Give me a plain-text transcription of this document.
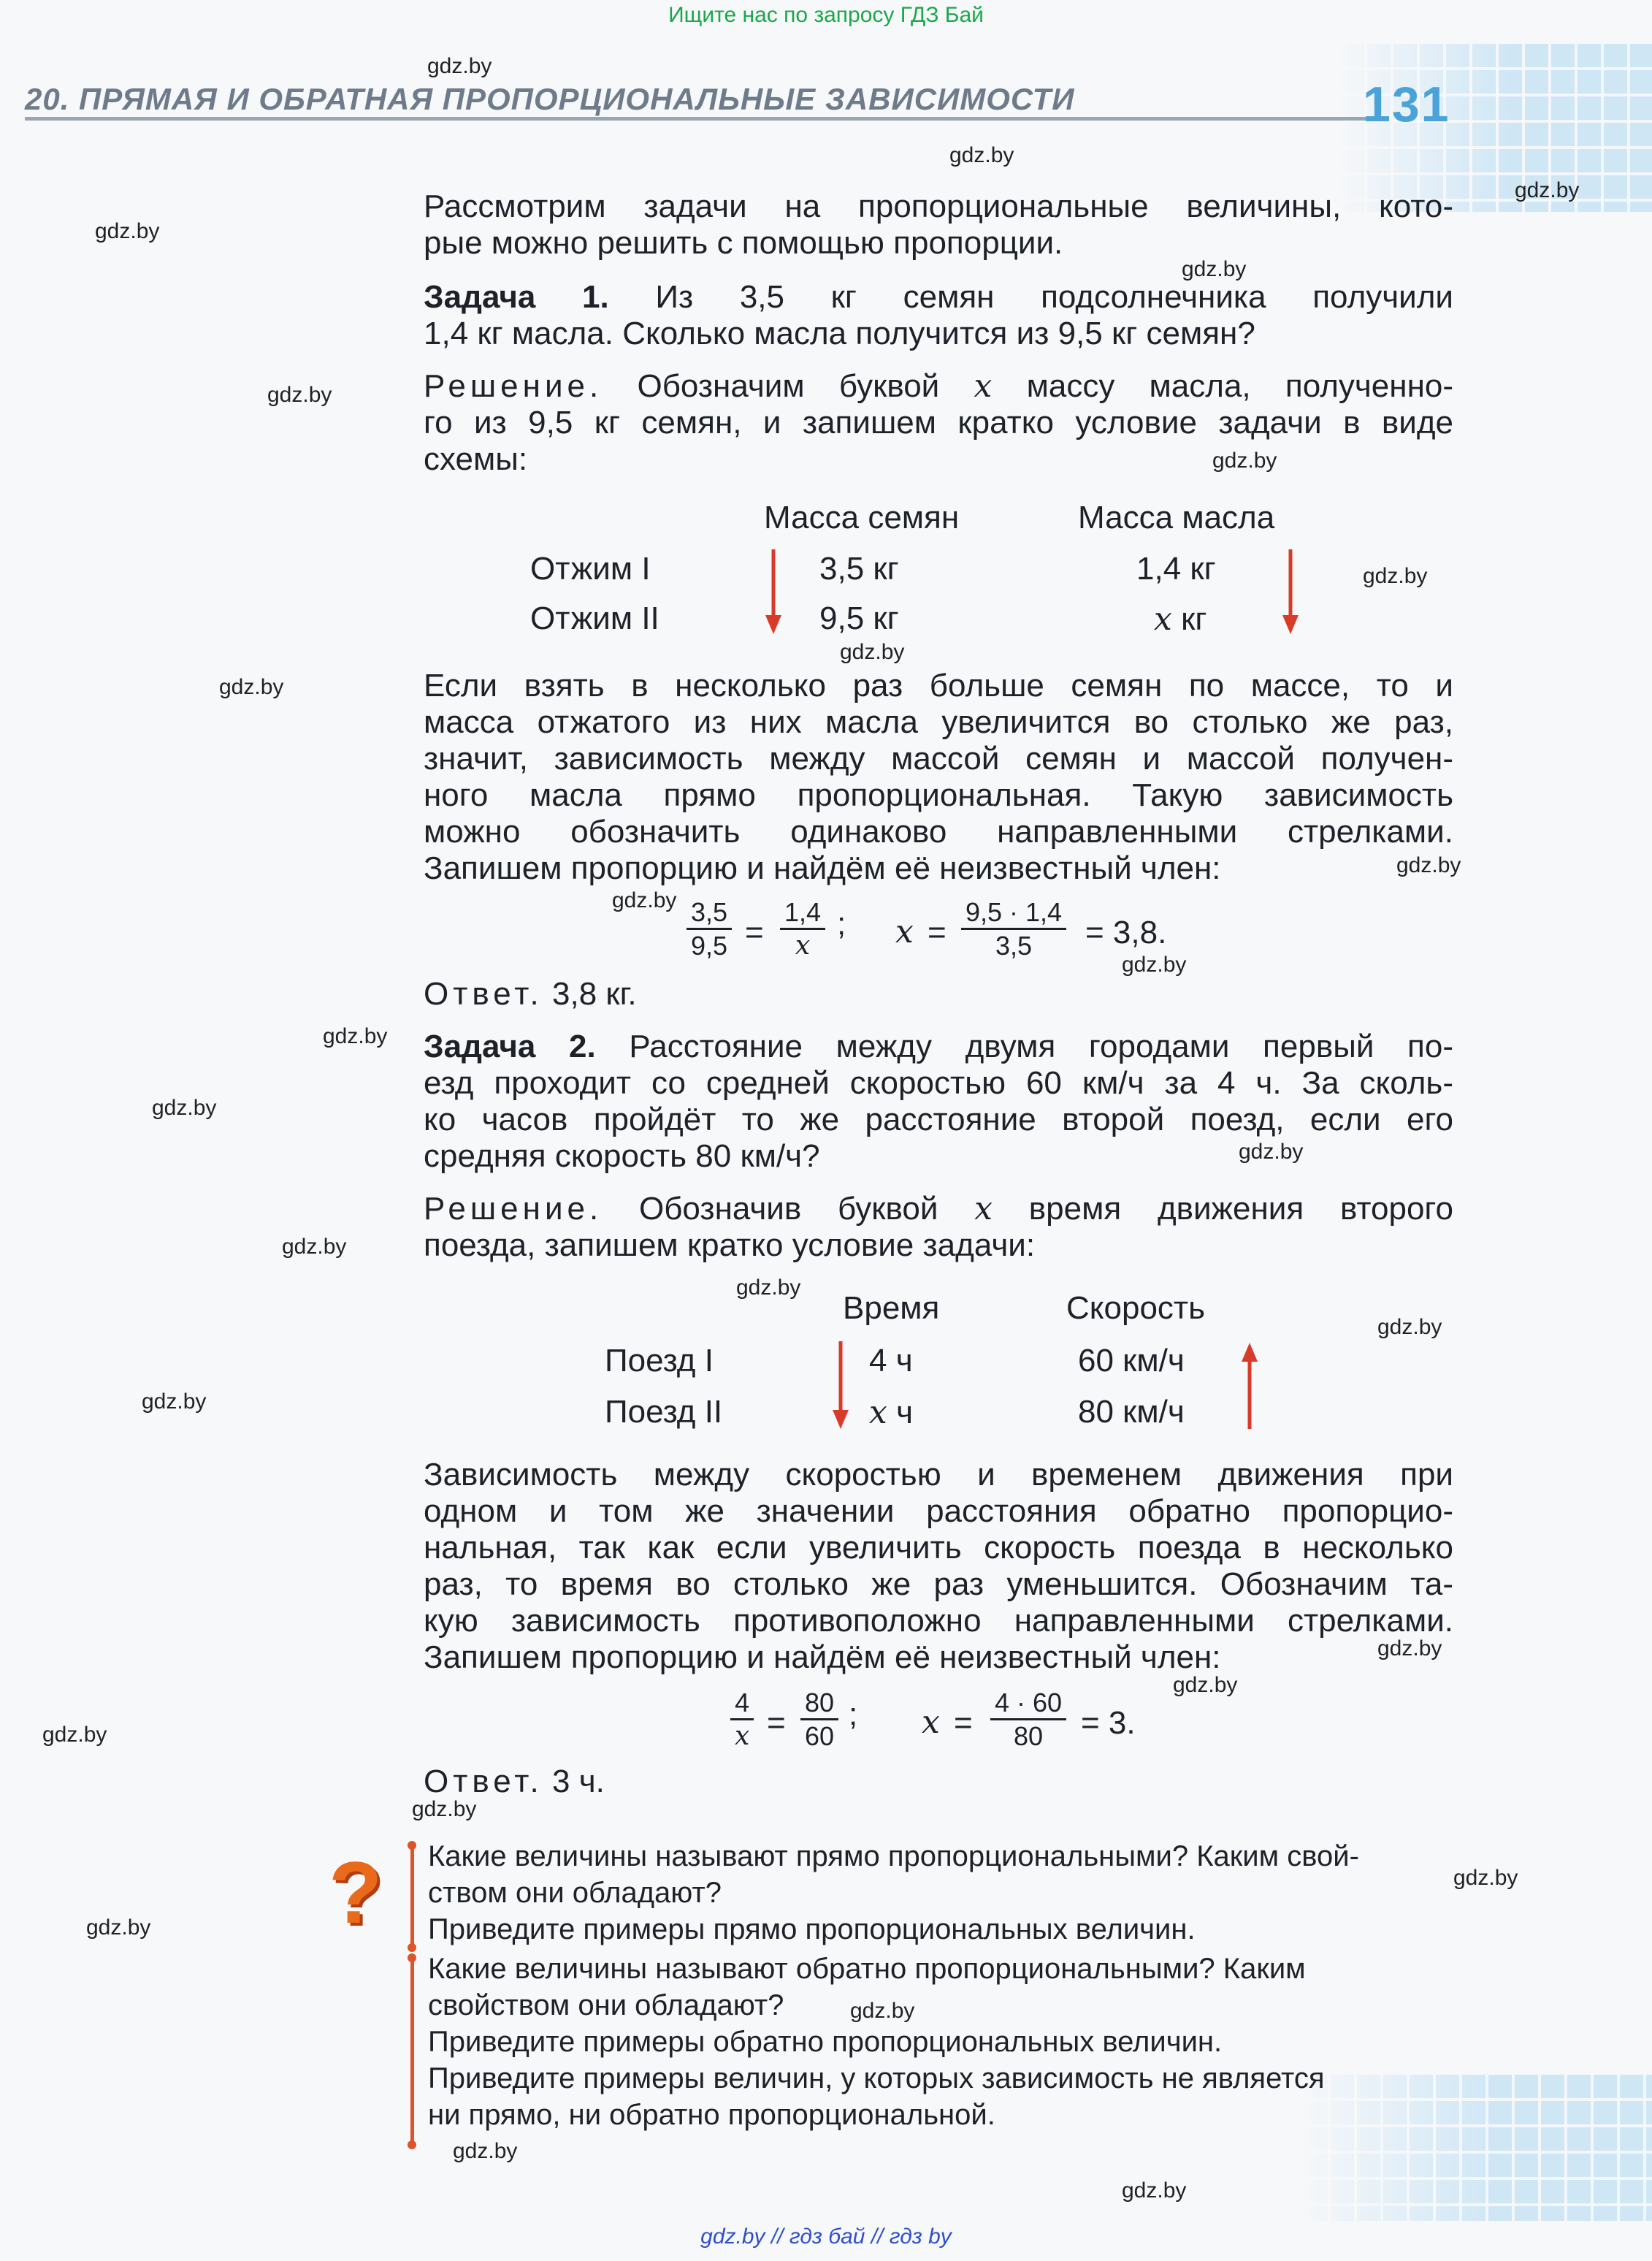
Ищите нас по запросу ГДЗ Бай
gdz.by // гдз бай // гдз by
20. ПРЯМАЯ И ОБРАТНАЯ ПРОПОРЦИОНАЛЬНЫЕ ЗАВИСИМОСТИ	131
gdz.by
gdz.by
gdz.by
gdz.by
gdz.by
gdz.by
gdz.by
gdz.by
gdz.by
gdz.by
gdz.by
gdz.by
gdz.by
gdz.by
gdz.by
gdz.by
gdz.by
gdz.by
gdz.by
gdz.by
gdz.by
gdz.by
gdz.by
gdz.by
gdz.by
gdz.by
gdz.by
gdz.by
gdz.by
Рассмотрим задачи на пропорциональные величины, кото-
рые можно решить с помощью пропорции.
Задача 1. Из 3,5 кг семян подсолнечника получили
1,4 кг масла. Сколько масла получится из 9,5 кг семян?
Решение. Обозначим буквой x массу масла, полученно-
го из 9,5 кг семян, и запишем кратко условие задачи в виде
схемы:
Масса семян	Масса масла
Отжим I	3,5 кг	1,4 кг
Отжим II	9,5 кг	x кг
Если взять в несколько раз больше семян по массе, то и
масса отжатого из них масла увеличится во столько же раз,
значит, зависимость между массой семян и массой получен-
ного масла прямо пропорциональная. Такую зависимость
можно обозначить одинаково направленными стрелками.
Запишем пропорцию и найдём её неизвестный член:
$\frac{3,5}{9,5} = \frac{1,4}{x}$ ; $x = \frac{9,5 \cdot 1,4}{3,5} = 3,8$.
Ответ. 3,8 кг.
Задача 2. Расстояние между двумя городами первый по-
езд проходит со средней скоростью 60 км/ч за 4 ч. За сколь-
ко часов пройдёт то же расстояние второй поезд, если его
средняя скорость 80 км/ч?
Решение. Обозначив буквой x время движения второго
поезда, запишем кратко условие задачи:
Время	Скорость
Поезд I	4 ч	60 км/ч
Поезд II	x ч	80 км/ч
Зависимость между скоростью и временем движения при
одном и том же значении расстояния обратно пропорцио-
нальная, так как если увеличить скорость поезда в несколько
раз, то время во столько же раз уменьшится. Обозначим та-
кую зависимость противоположно направленными стрелками.
Запишем пропорцию и найдём её неизвестный член:
$\frac{4}{x} = \frac{80}{60}$ ; $x = \frac{4 \cdot 60}{80} = 3$.
Ответ. 3 ч.
? Какие величины называют прямо пропорциональными? Каким свой-
ством они обладают?
Приведите примеры прямо пропорциональных величин.
Какие величины называют обратно пропорциональными? Каким
свойством они обладают?
Приведите примеры обратно пропорциональных величин.
Приведите примеры величин, у которых зависимость не является
ни прямо, ни обратно пропорциональной.
